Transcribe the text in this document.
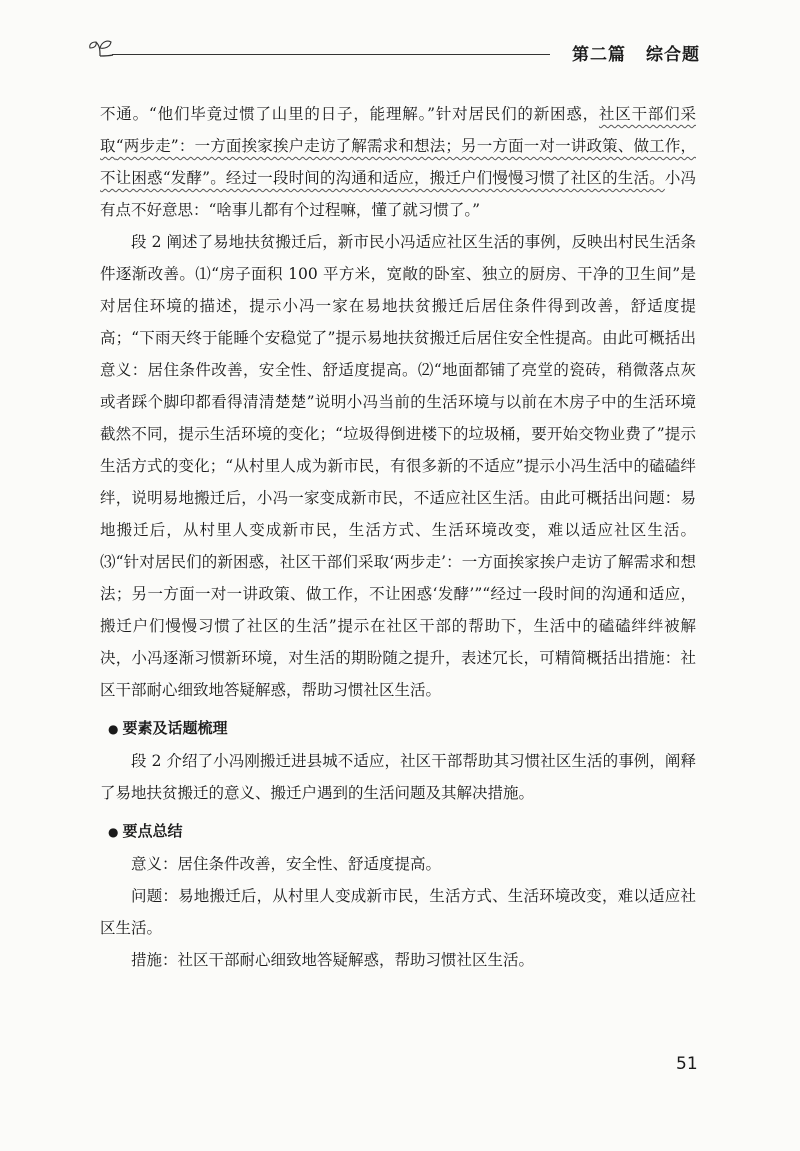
第二篇 综合题

不通。“他们毕竟过惯了山里的日子，能理解。”针对居民们的新困惑，社区干部们采取“两步走”：一方面挨家挨户走访了解需求和想法；另一方面一对一讲政策、做工作，不让困惑“发酵”。经过一段时间的沟通和适应，搬迁户们慢慢习惯了社区的生活。小冯有点不好意思：“啥事儿都有个过程嘛，懂了就习惯了。”

段 2 阐述了易地扶贫搬迁后，新市民小冯适应社区生活的事例，反映出村民生活条件逐渐改善。⑴“房子面积 100 平方米，宽敞的卧室、独立的厨房、干净的卫生间”是对居住环境的描述，提示小冯一家在易地扶贫搬迁后居住条件得到改善，舒适度提高；“下雨天终于能睡个安稳觉了”提示易地扶贫搬迁后居住安全性提高。由此可概括出意义：居住条件改善，安全性、舒适度提高。⑵“地面都铺了亮堂的瓷砖，稍微落点灰或者踩个脚印都看得清清楚楚”说明小冯当前的生活环境与以前在木房子中的生活环境截然不同，提示生活环境的变化；“垃圾得倒进楼下的垃圾桶，要开始交物业费了”提示生活方式的变化；“从村里人成为新市民，有很多新的不适应”提示小冯生活中的磕磕绊绊，说明易地搬迁后，小冯一家变成新市民，不适应社区生活。由此可概括出问题：易地搬迁后，从村里人变成新市民，生活方式、生活环境改变，难以适应社区生活。⑶“针对居民们的新困惑，社区干部们采取‘两步走’：一方面挨家挨户走访了解需求和想法；另一方面一对一讲政策、做工作，不让困惑‘发酵’”“经过一段时间的沟通和适应，搬迁户们慢慢习惯了社区的生活”提示在社区干部的帮助下，生活中的磕磕绊绊被解决，小冯逐渐习惯新环境，对生活的期盼随之提升，表述冗长，可精简概括出措施：社区干部耐心细致地答疑解惑，帮助习惯社区生活。

● 要素及话题梳理

段 2 介绍了小冯刚搬迁进县城不适应，社区干部帮助其习惯社区生活的事例，阐释了易地扶贫搬迁的意义、搬迁户遇到的生活问题及其解决措施。

● 要点总结

意义：居住条件改善，安全性、舒适度提高。

问题：易地搬迁后，从村里人变成新市民，生活方式、生活环境改变，难以适应社区生活。

措施：社区干部耐心细致地答疑解惑，帮助习惯社区生活。

51
